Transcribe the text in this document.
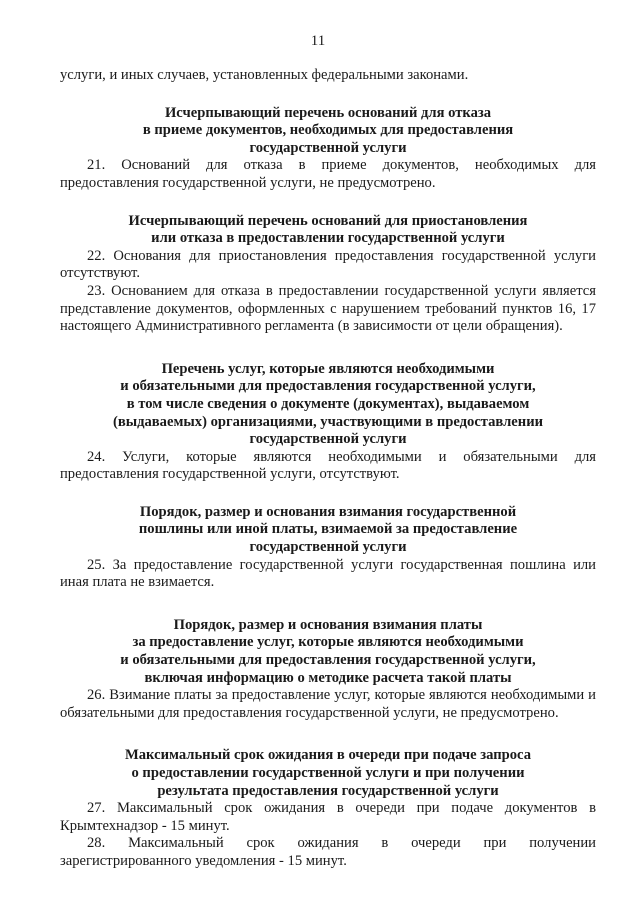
11

услуги, и иных случаев, установленных федеральными законами.

Исчерпывающий перечень оснований для отказа
в приеме документов, необходимых для предоставления
государственной услуги

21. Оснований для отказа в приеме документов, необходимых для предоставления государственной услуги, не предусмотрено.

Исчерпывающий перечень оснований для приостановления
или отказа в предоставлении государственной услуги

22. Основания для приостановления предоставления государственной услуги отсутствуют.

23. Основанием для отказа в предоставлении государственной услуги является представление документов, оформленных с нарушением требований пунктов 16, 17 настоящего Административного регламента (в зависимости от цели обращения).

Перечень услуг, которые являются необходимыми
и обязательными для предоставления государственной услуги,
в том числе сведения о документе (документах), выдаваемом
(выдаваемых) организациями, участвующими в предоставлении
государственной услуги

24. Услуги, которые являются необходимыми и обязательными для предоставления государственной услуги, отсутствуют.

Порядок, размер и основания взимания государственной
пошлины или иной платы, взимаемой за предоставление
государственной услуги

25. За предоставление государственной услуги государственная пошлина или иная плата не взимается.

Порядок, размер и основания взимания платы
за предоставление услуг, которые являются необходимыми
и обязательными для предоставления государственной услуги,
включая информацию о методике расчета такой платы

26. Взимание платы за предоставление услуг, которые являются необходимыми и обязательными для предоставления государственной услуги, не предусмотрено.

Максимальный срок ожидания в очереди при подаче запроса
о предоставлении государственной услуги и при получении
результата предоставления государственной услуги

27. Максимальный срок ожидания в очереди при подаче документов в Крымтехнадзор - 15 минут.

28. Максимальный срок ожидания в очереди при получении зарегистрированного уведомления - 15 минут.
